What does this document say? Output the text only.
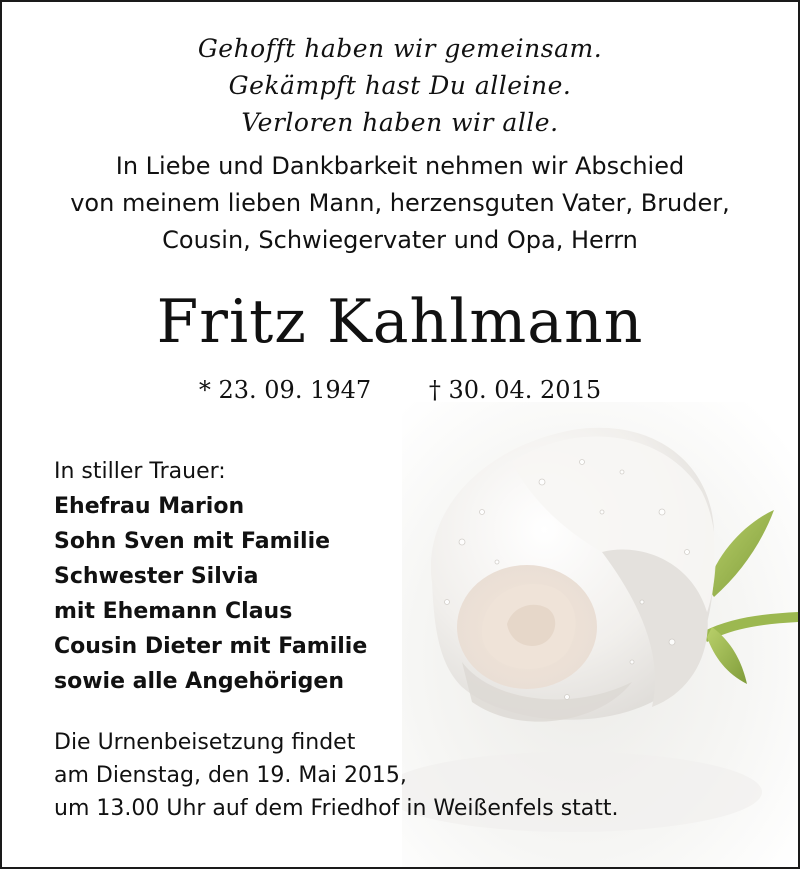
Gehofft haben wir gemeinsam.
Gekämpft hast Du alleine.
Verloren haben wir alle.
In Liebe und Dankbarkeit nehmen wir Abschied
von meinem lieben Mann, herzensguten Vater, Bruder,
Cousin, Schwiegervater und Opa, Herrn
Fritz Kahlmann
* 23. 09. 1947 † 30. 04. 2015
In stiller Trauer:
Ehefrau Marion
Sohn Sven mit Familie
Schwester Silvia
mit Ehemann Claus
Cousin Dieter mit Familie
sowie alle Angehörigen
Die Urnenbeisetzung findet
am Dienstag, den 19. Mai 2015,
um 13.00 Uhr auf dem Friedhof in Weißenfels statt.
